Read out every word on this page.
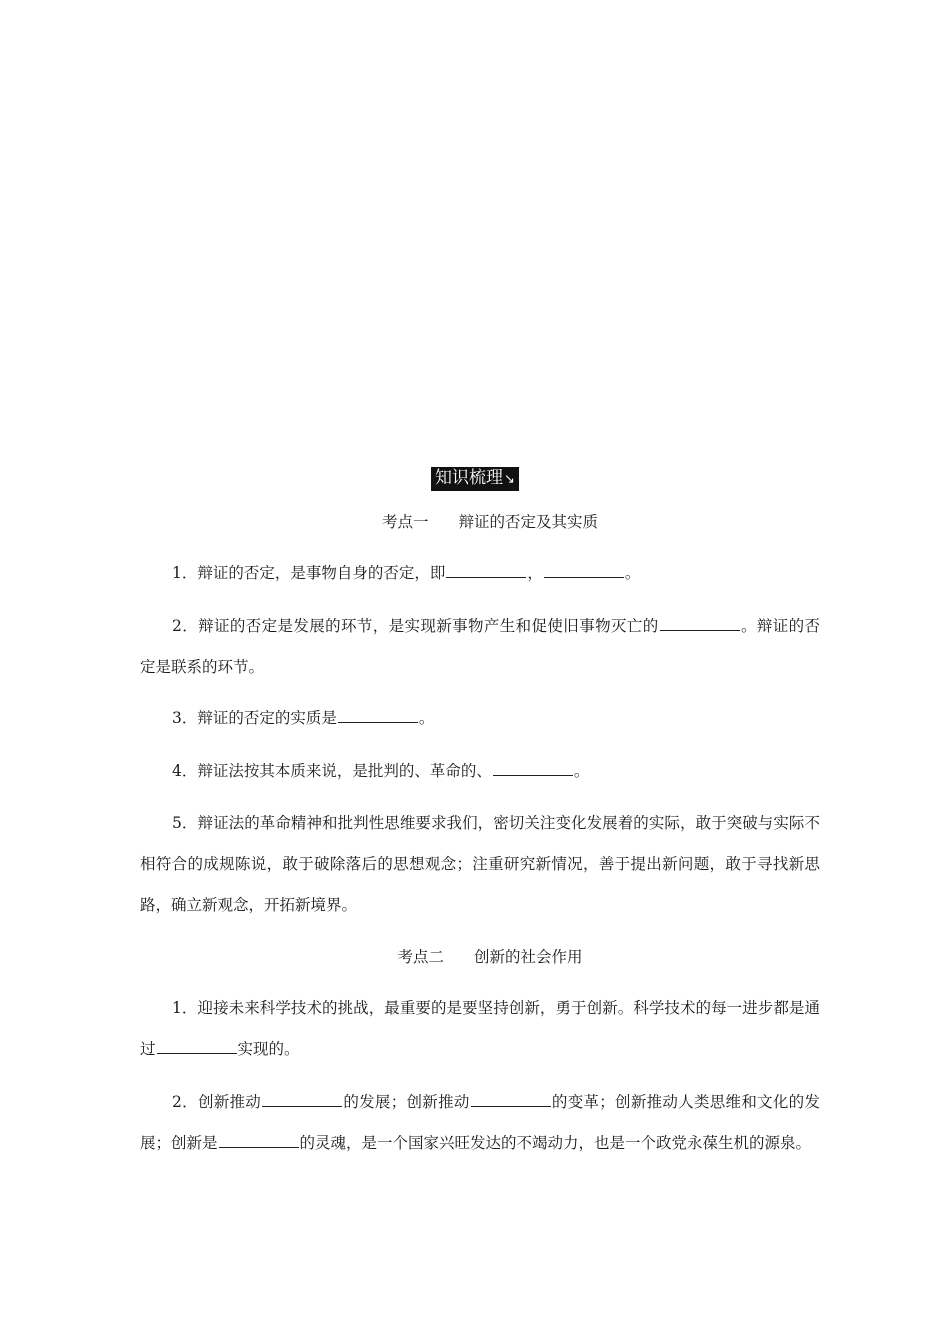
知识梳理↘
考点一 辩证的否定及其实质
1．辩证的否定，是事物自身的否定，即	，	。
2．辩证的否定是发展的环节，是实现新事物产生和促使旧事物灭亡的	。辩证的否定是联系的环节。
3．辩证的否定的实质是	。
4．辩证法按其本质来说，是批判的、革命的、	。
5．辩证法的革命精神和批判性思维要求我们，密切关注变化发展着的实际，敢于突破与实际不相符合的成规陈说，敢于破除落后的思想观念；注重研究新情况，善于提出新问题，敢于寻找新思路，确立新观念，开拓新境界。
考点二 创新的社会作用
1．迎接未来科学技术的挑战，最重要的是要坚持创新，勇于创新。科学技术的每一进步都是通过	实现的。
2．创新推动	的发展；创新推动	的变革；创新推动人类思维和文化的发展；创新是	的灵魂，是一个国家兴旺发达的不竭动力，也是一个政党永葆生机的源泉。
